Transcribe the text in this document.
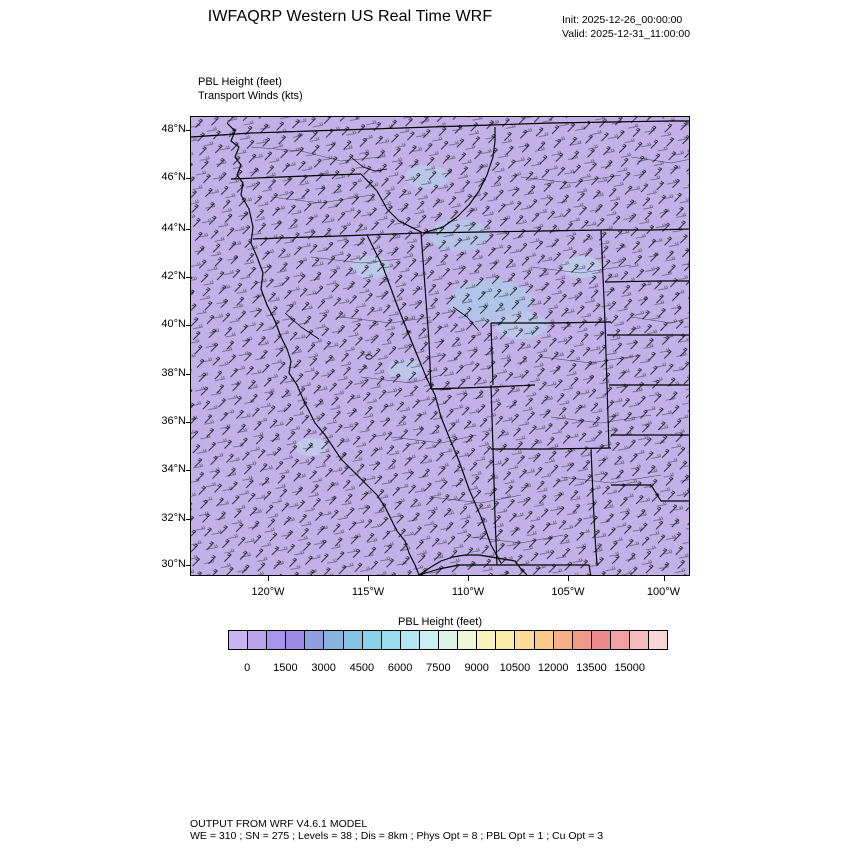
IWFAQRP Western US Real Time WRF	Init: 2025-12-26_00:00:00
Valid: 2025-12-31_11:00:00
PBL Height (feet)
Transport Winds (kts)
48°N
46°N
44°N
42°N
40°N
38°N
36°N
34°N
32°N
30°N
120°W	115°W	110°W	105°W	100°W
PBL Height (feet)
0	1500	3000	4500	6000	7500	9000 10500 12000 13500 15000
OUTPUT FROM WRF V4.6.1 MODEL
WE = 310 ; SN = 275 ; Levels = 38 ; Dis = 8km ; Phys Opt = 8 ; PBL Opt = 1 ; Cu Opt = 3
